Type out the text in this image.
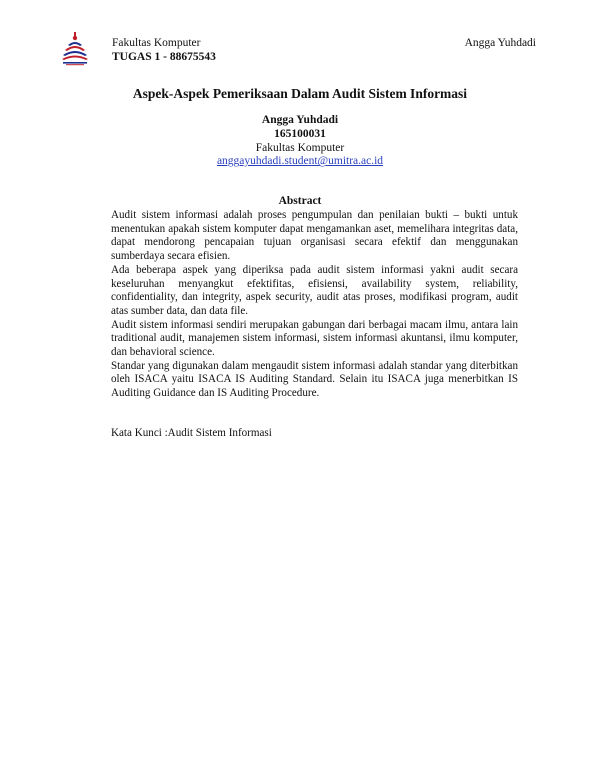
Fakultas Komputer
TUGAS 1 - 88675543
Angga Yuhdadi
Aspek-Aspek Pemeriksaan Dalam Audit Sistem Informasi
Angga Yuhdadi
165100031
Fakultas Komputer
anggayuhdadi.student@umitra.ac.id
Abstract

Audit sistem informasi adalah proses pengumpulan dan penilaian bukti – bukti untuk menentukan apakah sistem komputer dapat mengamankan aset, memelihara integritas data, dapat mendorong pencapaian tujuan organisasi secara efektif dan menggunakan sumberdaya secara efisien.

Ada beberapa aspek yang diperiksa pada audit sistem informasi yakni audit secara keseluruhan menyangkut efektifitas, efisiensi, availability system, reliability, confidentiality, dan integrity, aspek security, audit atas proses, modifikasi program, audit atas sumber data, dan data file.

Audit sistem informasi sendiri merupakan gabungan dari berbagai macam ilmu, antara lain traditional audit, manajemen sistem informasi, sistem informasi akuntansi, ilmu komputer, dan behavioral science.

Standar yang digunakan dalam mengaudit sistem informasi adalah standar yang diterbitkan oleh ISACA yaitu ISACA IS Auditing Standard. Selain itu ISACA juga menerbitkan IS Auditing Guidance dan IS Auditing Procedure.

Kata Kunci :Audit Sistem Informasi
